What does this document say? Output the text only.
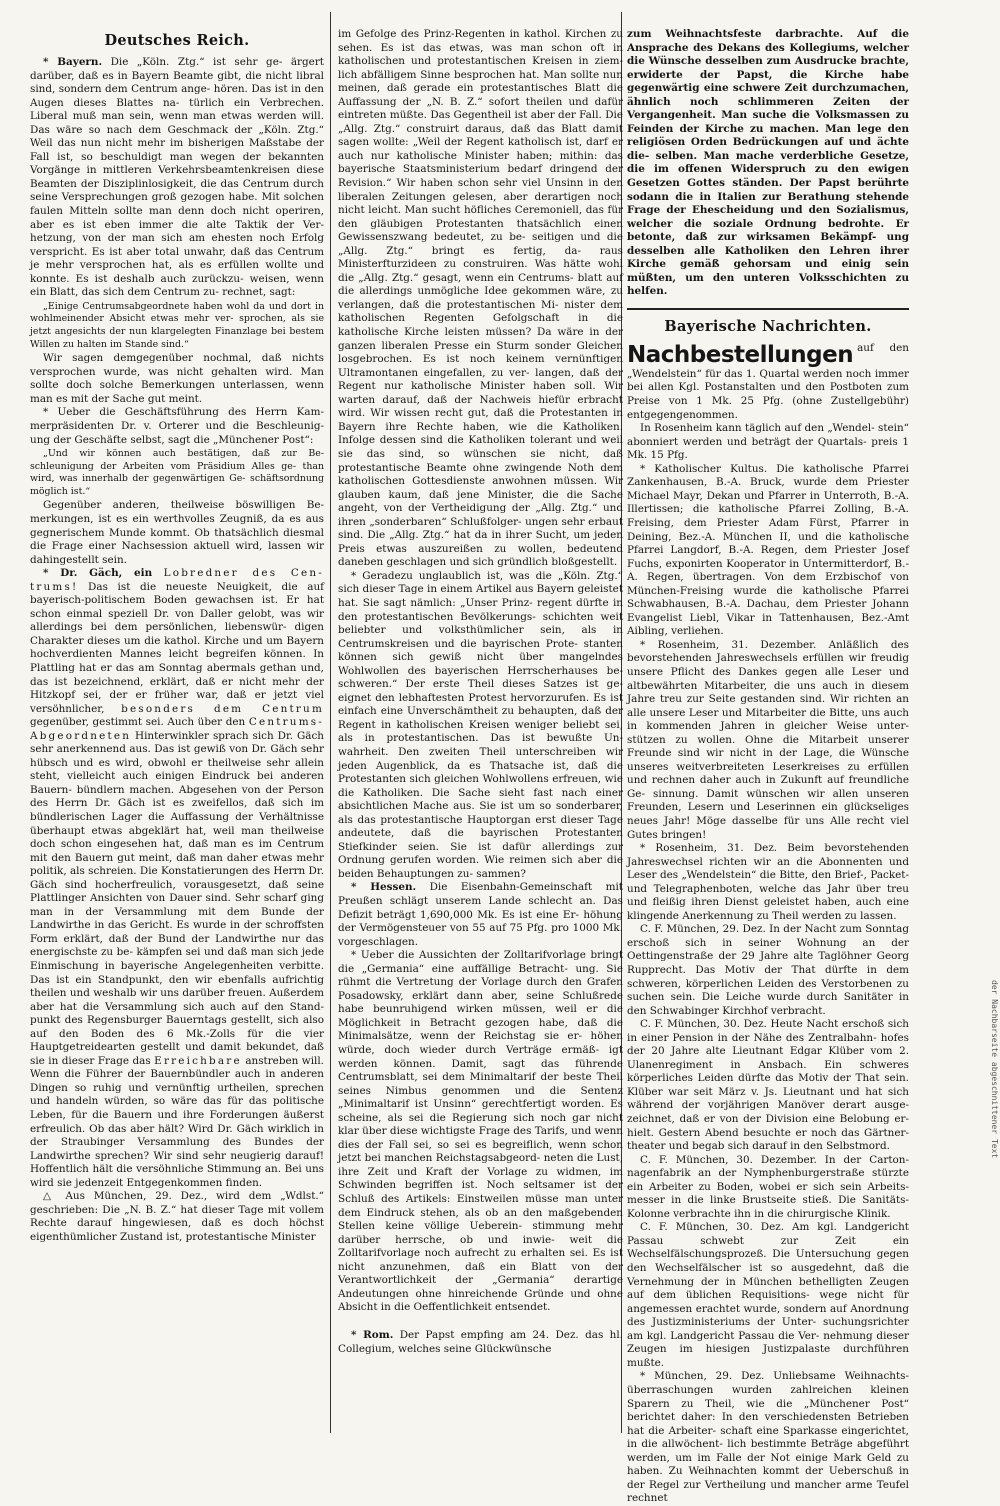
Deutsches Reich.

* Bayern. Die „Köln. Ztg.“ ist sehr ge- ärgert darüber, daß es in Bayern Beamte gibt, die nicht libral sind, sondern dem Centrum ange- hören. Das ist in den Augen dieses Blattes na- türlich ein Verbrechen. Liberal muß man sein, wenn man etwas werden will. Das wäre so nach dem Geschmack der „Köln. Ztg.“ Weil das nun nicht mehr im bisherigen Maßstabe der Fall ist, so beschuldigt man wegen der bekannten Vorgänge in mittleren Verkehrsbeamtenkreisen diese Beamten der Disziplinlosigkeit, die das Centrum durch seine Versprechungen groß gezogen habe. Mit solchen faulen Mitteln sollte man denn doch nicht operiren, aber es ist eben immer die alte Taktik der Ver- hetzung, von der man sich am ehesten noch Erfolg verspricht. Es ist aber total unwahr, daß das Centrum je mehr versprochen hat, als es erfüllen wollte und konnte. Es ist deshalb auch zurückzu- weisen, wenn ein Blatt, das sich dem Centrum zu- rechnet, sagt:

„Einige Centrumsabgeordnete haben wohl da und dort in wohlmeinender Absicht etwas mehr ver- sprochen, als sie jetzt angesichts der nun klargelegten Finanzlage bei bestem Willen zu halten im Stande sind.“

Wir sagen demgegenüber nochmal, daß nichts versprochen wurde, was nicht gehalten wird. Man sollte doch solche Bemerkungen unterlassen, wenn man es mit der Sache gut meint.

* Ueber die Geschäftsführung des Herrn Kam- merpräsidenten Dr. v. Orterer und die Beschleunig- ung der Geschäfte selbst, sagt die „Münchener Post“:

„Und wir können auch bestätigen, daß zur Be- schleunigung der Arbeiten vom Präsidium Alles ge- than wird, was innerhalb der gegenwärtigen Ge- schäftsordnung möglich ist.“

Gegenüber anderen, theilweise böswilligen Be- merkungen, ist es ein werthvolles Zeugniß, da es aus gegnerischem Munde kommt. Ob thatsächlich diesmal die Frage einer Nachsession aktuell wird, lassen wir dahingestellt sein.

* Dr. Gäch, ein Lobredner des Cen- trums! Das ist die neueste Neuigkeit, die auf bayerisch-politischem Boden gewachsen ist. Er hat schon einmal speziell Dr. von Daller gelobt, was wir allerdings bei dem persönlichen, liebenswür- digen Charakter dieses um die kathol. Kirche und um Bayern hochverdienten Mannes leicht begreifen können. In Plattling hat er das am Sonntag abermals gethan und, das ist bezeichnend, erklärt, daß er nicht mehr der Hitzkopf sei, der er früher war, daß er jetzt viel versöhnlicher, besonders dem Centrum gegenüber, gestimmt sei. Auch über den Centrums-Abgeordneten Hinterwinkler sprach sich Dr. Gäch sehr anerkennend aus. Das ist gewiß von Dr. Gäch sehr hübsch und es wird, obwohl er theilweise sehr allein steht, vielleicht auch einigen Eindruck bei anderen Bauern- bündlern machen. Abgesehen von der Person des Herrn Dr. Gäch ist es zweifellos, daß sich im bündlerischen Lager die Auffassung der Verhältnisse überhaupt etwas abgeklärt hat, weil man theilweise doch schon eingesehen hat, daß man es im Centrum mit den Bauern gut meint, daß man daher etwas mehr politik, als schreien. Die Konstatierungen des Herrn Dr. Gäch sind hocherfreulich, vorausgesetzt, daß seine Plattlinger Ansichten von Dauer sind. Sehr scharf ging man in der Versammlung mit dem Bunde der Landwirthe in das Gericht. Es wurde in der schroffsten Form erklärt, daß der Bund der Landwirthe nur das energischste zu be- kämpfen sei und daß man sich jede Einmischung in bayerische Angelegenheiten verbitte. Das ist ein Standpunkt, den wir ebenfalls aufrichtig theilen und weshalb wir uns darüber freuen. Außerdem aber hat die Versammlung sich auch auf den Stand- punkt des Regensburger Bauerntags gestellt, sich also auf den Boden des 6 Mk.-Zolls für die vier Hauptgetreidearten gestellt und damit bekundet, daß sie in dieser Frage das Erreichbare anstreben will. Wenn die Führer der Bauernbündler auch in anderen Dingen so ruhig und vernünftig urtheilen, sprechen und handeln würden, so wäre das für das politische Leben, für die Bauern und ihre Forderungen äußerst erfreulich. Ob das aber hält? Wird Dr. Gäch wirklich in der Straubinger Versammlung des Bundes der Landwirthe sprechen? Wir sind sehr neugierig darauf! Hoffentlich hält die versöhnliche Stimmung an. Bei uns wird sie jedenzeit Entgegenkommen finden.

△ Aus München, 29. Dez., wird dem „Wdlst.“ geschrieben: Die „N. B. Z.“ hat dieser Tage mit vollem Rechte darauf hingewiesen, daß es doch höchst eigenthümlicher Zustand ist, protestantische Minister

im Gefolge des Prinz-Regenten in kathol. Kirchen zu sehen. Es ist das etwas, was man schon oft in katholischen und protestantischen Kreisen in ziem- lich abfälligem Sinne besprochen hat. Man sollte nun meinen, daß gerade ein protestantisches Blatt die Auffassung der „N. B. Z.“ sofort theilen und dafür eintreten müßte. Das Gegentheil ist aber der Fall. Die „Allg. Ztg.“ construirt daraus, daß das Blatt damit sagen wollte: „Weil der Regent katholisch ist, darf er auch nur katholische Minister haben; mithin: das bayerische Staatsministerium bedarf dringend der Revision.“ Wir haben schon sehr viel Unsinn in den liberalen Zeitungen gelesen, aber derartigen noch nicht leicht. Man sucht höfliches Ceremoniell, das für den gläubigen Protestanten thatsächlich einen Gewissenszwang bedeutet, zu be- seitigen und die „Allg. Ztg.“ bringt es fertig, da- raus Ministerfturzideen zu construiren. Was hätte wohl die „Allg. Ztg.“ gesagt, wenn ein Centrums- blatt auf die allerdings unmögliche Idee gekommen wäre, zu verlangen, daß die protestantischen Mi- nister dem katholischen Regenten Gefolgschaft in die katholische Kirche leisten müssen? Da wäre in der ganzen liberalen Presse ein Sturm sonder Gleichen losgebrochen. Es ist noch keinem vernünftigen Ultramontanen eingefallen, zu ver- langen, daß der Regent nur katholische Minister haben soll. Wir warten darauf, daß der Nachweis hiefür erbracht wird. Wir wissen recht gut, daß die Protestanten in Bayern ihre Rechte haben, wie die Katholiken. Infolge dessen sind die Katholiken tolerant und weil sie das sind, so wünschen sie nicht, daß protestantische Beamte ohne zwingende Noth dem katholischen Gottesdienste anwohnen müssen. Wir glauben kaum, daß jene Minister, die die Sache angeht, von der Vertheidigung der „Allg. Ztg.“ und ihren „sonderbaren“ Schlußfolger- ungen sehr erbaut sind. Die „Allg. Ztg.“ hat da in ihrer Sucht, um jeden Preis etwas auszureißen zu wollen, bedeutend daneben geschlagen und sich gründlich bloßgestellt.

* Geradezu unglaublich ist, was die „Köln. Ztg.“ sich dieser Tage in einem Artikel aus Bayern geleistet hat. Sie sagt nämlich: „Unser Prinz- regent dürfte in den protestantischen Bevölkerungs- schichten weit beliebter und volksthümlicher sein, als in Centrumskreisen und die bayrischen Prote- stanten können sich gewiß nicht über mangelndes Wohlwollen des bayerischen Herrscherhauses be- schweren.“ Der erste Theil dieses Satzes ist ge- eignet den lebhaftesten Protest hervorzurufen. Es ist einfach eine Unverschämtheit zu behaupten, daß der Regent in katholischen Kreisen weniger beliebt sei, als in protestantischen. Das ist bewußte Un- wahrheit. Den zweiten Theil unterschreiben wir jeden Augenblick, da es Thatsache ist, daß die Protestanten sich gleichen Wohlwollens erfreuen, wie die Katholiken. Die Sache sieht fast nach einer absichtlichen Mache aus. Sie ist um so sonderbarer, als das protestantische Hauptorgan erst dieser Tage andeutete, daß die bayrischen Protestanten Stiefkinder seien. Sie ist dafür allerdings zur Ordnung gerufen worden. Wie reimen sich aber die beiden Behauptungen zu- sammen?

* Hessen. Die Eisenbahn-Gemeinschaft mit Preußen schlägt unserem Lande schlecht an. Das Defizit beträgt 1,690,000 Mk. Es ist eine Er- höhung der Vermögensteuer von 55 auf 75 Pfg. pro 1000 Mk. vorgeschlagen.

* Ueber die Aussichten der Zolltarifvorlage bringt die „Germania“ eine auffällige Betracht- ung. Sie rühmt die Vertretung der Vorlage durch den Grafen Posadowsky, erklärt dann aber, seine Schlußrede habe beunruhigend wirken müssen, weil er die Möglichkeit in Betracht gezogen habe, daß die Minimalsätze, wenn der Reichstag sie er- höhen würde, doch wieder durch Verträge ermäß- igt werden können. Damit, sagt das führende Centrumsblatt, sei dem Minimaltarif der beste Theil seines Nimbus genommen und die Sentenz „Minimaltarif ist Unsinn“ gerechtfertigt worden. Es scheine, als sei die Regierung sich noch gar nicht klar über diese wichtigste Frage des Tarifs, und wenn dies der Fall sei, so sei es begreiflich, wenn schon jetzt bei manchen Reichstagsabgeord- neten die Lust, ihre Zeit und Kraft der Vorlage zu widmen, im Schwinden begriffen ist. Noch seltsamer ist der Schluß des Artikels: Einstweilen müsse man unter dem Eindruck stehen, als ob an den maßgebenden Stellen keine völlige Ueberein- stimmung mehr darüber herrsche, ob und inwie- weit die Zolltarifvorlage noch aufrecht zu erhalten sei. Es ist nicht anzunehmen, daß ein Blatt von der Verantwortlichkeit der „Germania“ derartige Andeutungen ohne hinreichende Gründe und ohne Absicht in die Oeffentlichkeit entsendet.

* Rom. Der Papst empfing am 24. Dez. das hl. Collegium, welches seine Glückwünsche

zum Weihnachtsfeste darbrachte. Auf die Ansprache des Dekans des Kollegiums, welcher die Wünsche desselben zum Ausdrucke brachte, erwiderte der Papst, die Kirche habe gegenwärtig eine schwere Zeit durchzumachen, ähnlich noch schlimmeren Zeiten der Vergangenheit. Man suche die Volksmassen zu Feinden der Kirche zu machen. Man lege den religiösen Orden Bedrückungen auf und ächte die- selben. Man mache verderbliche Gesetze, die im offenen Widerspruch zu den ewigen Gesetzen Gottes ständen. Der Papst berührte sodann die in Italien zur Berathung stehende Frage der Ehescheidung und den Sozialismus, welcher die soziale Ordnung bedrohte. Er betonte, daß zur wirksamen Bekämpf- ung desselben alle Katholiken den Lehren ihrer Kirche gemäß gehorsam und einig sein müßten, um den unteren Volksschichten zu helfen.

Bayerische Nachrichten.

Nachbestellungen auf den „Wendelstein“ für das 1. Quartal werden noch immer bei allen Kgl. Postanstalten und den Postboten zum Preise von 1 Mk. 25 Pfg. (ohne Zustellgebühr) entgegengenommen.

In Rosenheim kann täglich auf den „Wendel- stein“ abonniert werden und beträgt der Quartals- preis 1 Mk. 15 Pfg.

* Katholischer Kultus. Die katholische Pfarrei Zankenhausen, B.-A. Bruck, wurde dem Priester Michael Mayr, Dekan und Pfarrer in Unterroth, B.-A. Illertissen; die katholische Pfarrei Zolling, B.-A. Freising, dem Priester Adam Fürst, Pfarrer in Deining, Bez.-A. München II, und die katholische Pfarrei Langdorf, B.-A. Regen, dem Priester Josef Fuchs, exponirten Kooperator in Untermitterdorf, B.-A. Regen, übertragen. Von dem Erzbischof von München-Freising wurde die katholische Pfarrei Schwabhausen, B.-A. Dachau, dem Priester Johann Evangelist Liebl, Vikar in Tattenhausen, Bez.-Amt Aibling, verliehen.

* Rosenheim, 31. Dezember. Anläßlich des bevorstehenden Jahreswechsels erfüllen wir freudig unsere Pflicht des Dankes gegen alle Leser und altbewährten Mitarbeiter, die uns auch in diesem Jahre treu zur Seite gestanden sind. Wir richten an alle unsere Leser und Mitarbeiter die Bitte, uns auch in kommenden Jahren in gleicher Weise unter- stützen zu wollen. Ohne die Mitarbeit unserer Freunde sind wir nicht in der Lage, die Wünsche unseres weitverbreiteten Leserkreises zu erfüllen und rechnen daher auch in Zukunft auf freundliche Ge- sinnung. Damit wünschen wir allen unseren Freunden, Lesern und Leserinnen ein glückseliges neues Jahr! Möge dasselbe für uns Alle recht viel Gutes bringen!

* Rosenheim, 31. Dez. Beim bevorstehenden Jahreswechsel richten wir an die Abonnenten und Leser des „Wendelstein“ die Bitte, den Brief-, Packet- und Telegraphenboten, welche das Jahr über treu und fleißig ihren Dienst geleistet haben, auch eine klingende Anerkennung zu Theil werden zu lassen.

C. F. München, 29. Dez. In der Nacht zum Sonntag erschoß sich in seiner Wohnung an der Oettingenstraße der 29 Jahre alte Taglöhner Georg Rupprecht. Das Motiv der That dürfte in dem schweren, körperlichen Leiden des Verstorbenen zu suchen sein. Die Leiche wurde durch Sanitäter in den Schwabinger Kirchhof verbracht.

C. F. München, 30. Dez. Heute Nacht erschoß sich in einer Pension in der Nähe des Zentralbahn- hofes der 20 Jahre alte Lieutnant Edgar Klüber vom 2. Ulanenregiment in Ansbach. Ein schweres körperliches Leiden dürfte das Motiv der That sein. Klüber war seit März v. Js. Lieutnant und hat sich während der vorjährigen Manöver derart ausge- zeichnet, daß er von der Division eine Belobung er- hielt. Gestern Abend besuchte er noch das Gärtner- theater und begab sich darauf in den Selbstmord.

C. F. München, 30. Dezember. In der Carton- nagenfabrik an der Nymphenburgerstraße stürzte ein Arbeiter zu Boden, wobei er sich sein Arbeits- messer in die linke Brustseite stieß. Die Sanitäts- Kolonne verbrachte ihn in die chirurgische Klinik.

C. F. München, 30. Dez. Am kgl. Landgericht Passau schwebt zur Zeit ein Wechselfälschungsprozeß. Die Untersuchung gegen den Wechselfälscher ist so ausgedehnt, daß die Vernehmung der in München bethelligten Zeugen auf dem üblichen Requisitions- wege nicht für angemessen erachtet wurde, sondern auf Anordnung des Justizministeriums der Unter- suchungsrichter am kgl. Landgericht Passau die Ver- nehmung dieser Zeugen im hiesigen Justizpalaste durchführen mußte.

* München, 29. Dez. Unliebsame Weihnachts- überraschungen wurden zahlreichen kleinen Sparern zu Theil, wie die „Münchener Post“ berichtet daher: In den verschiedensten Betrieben hat die Arbeiter- schaft eine Sparkasse eingerichtet, in die allwöchent- lich bestimmte Beträge abgeführt werden, um im Falle der Not einige Mark Geld zu haben. Zu Weihnachten kommt der Ueberschuß in der Regel zur Vertheilung und mancher arme Teufel rechnet

der Nachbarseite abgeschnittener Text
